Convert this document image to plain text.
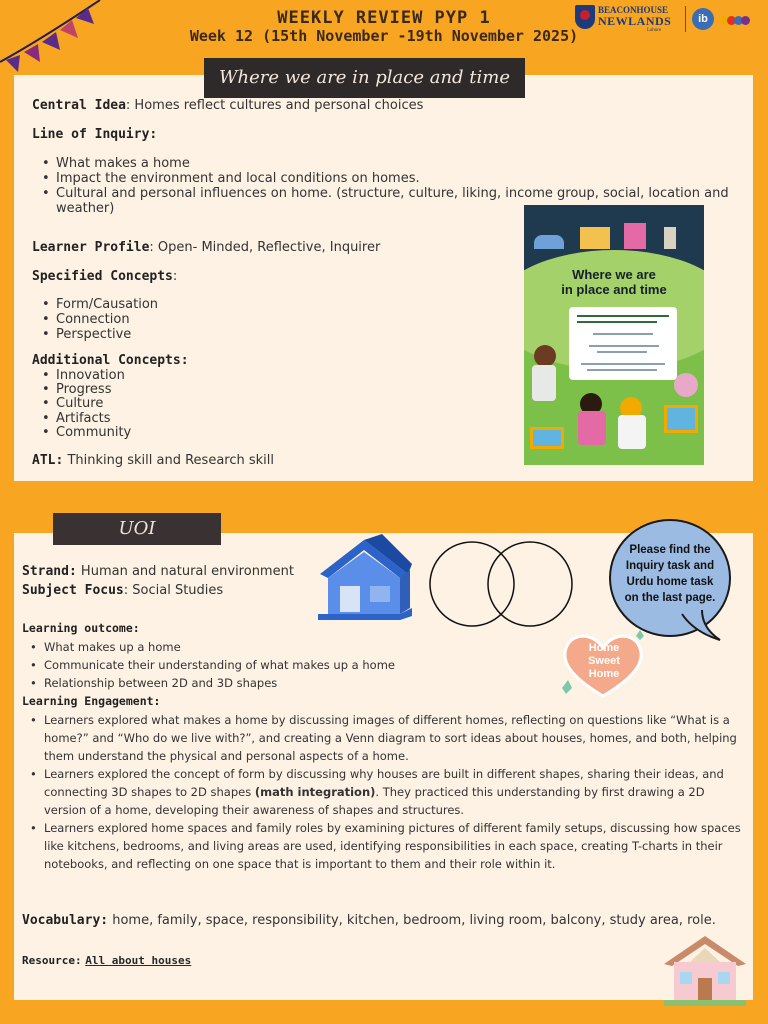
WEEKLY REVIEW PYP 1
Week 12 (15th November -19th November 2025)
BEACONHOUSE
NEWLANDS
Lahore
ib
Where we are in place and time
Central Idea: Homes reflect cultures and personal choices
Line of Inquiry:
• What makes a home
• Impact the environment and local conditions on homes.
• Cultural and personal influences on home. (structure, culture, liking, income group, social, location and weather)
Learner Profile: Open- Minded, Reflective, Inquirer
Specified Concepts:
• Form/Causation
• Connection
• Perspective
Additional Concepts:
• Innovation
• Progress
• Culture
• Artifacts
• Community
ATL: Thinking skill and Research skill
Where we are
in place and time
UOI
Strand: Human and natural environment
Subject Focus: Social Studies
Please find the Inquiry task and Urdu home task on the last page.
Home
Sweet
Home
Learning outcome:
• What makes up a home
• Communicate their understanding of what makes up a home
• Relationship between 2D and 3D shapes
Learning Engagement:
• Learners explored what makes a home by discussing images of different homes, reflecting on questions like “What is a home?” and “Who do we live with?”, and creating a Venn diagram to sort ideas about houses, homes, and both, helping them understand the physical and personal aspects of a home.
• Learners explored the concept of form by discussing why houses are built in different shapes, sharing their ideas, and connecting 3D shapes to 2D shapes (math integration). They practiced this understanding by first drawing a 2D version of a home, developing their awareness of shapes and structures.
• Learners explored home spaces and family roles by examining pictures of different family setups, discussing how spaces like kitchens, bedrooms, and living areas are used, identifying responsibilities in each space, creating T-charts in their notebooks, and reflecting on one space that is important to them and their role within it.
Vocabulary: home, family, space, responsibility, kitchen, bedroom, living room, balcony, study area, role.
Resource: All about houses
